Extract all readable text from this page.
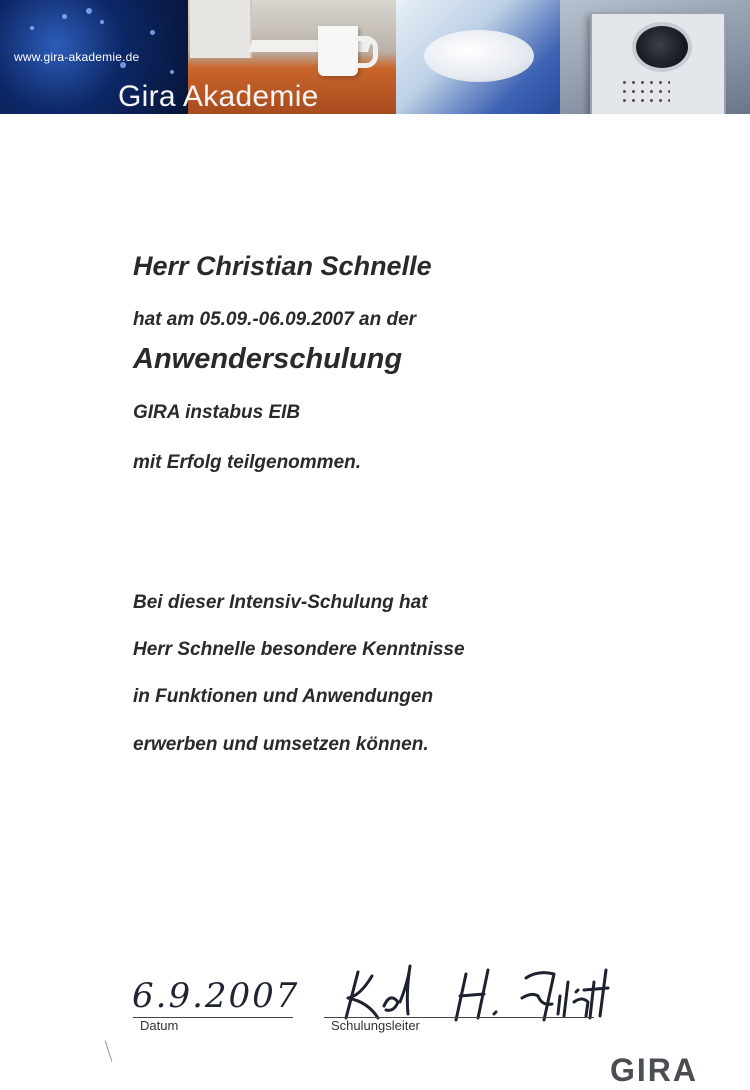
www.gira-akademie.de
Gira Akademie
Herr Christian Schnelle
hat am 05.09.-06.09.2007 an der
Anwenderschulung
GIRA instabus EIB
mit Erfolg teilgenommen.
Bei dieser Intensiv-Schulung hat
Herr Schnelle besondere Kenntnisse
in Funktionen und Anwendungen
erwerben und umsetzen können.
6.9.2007
Datum	Schulungsleiter
GIRA
